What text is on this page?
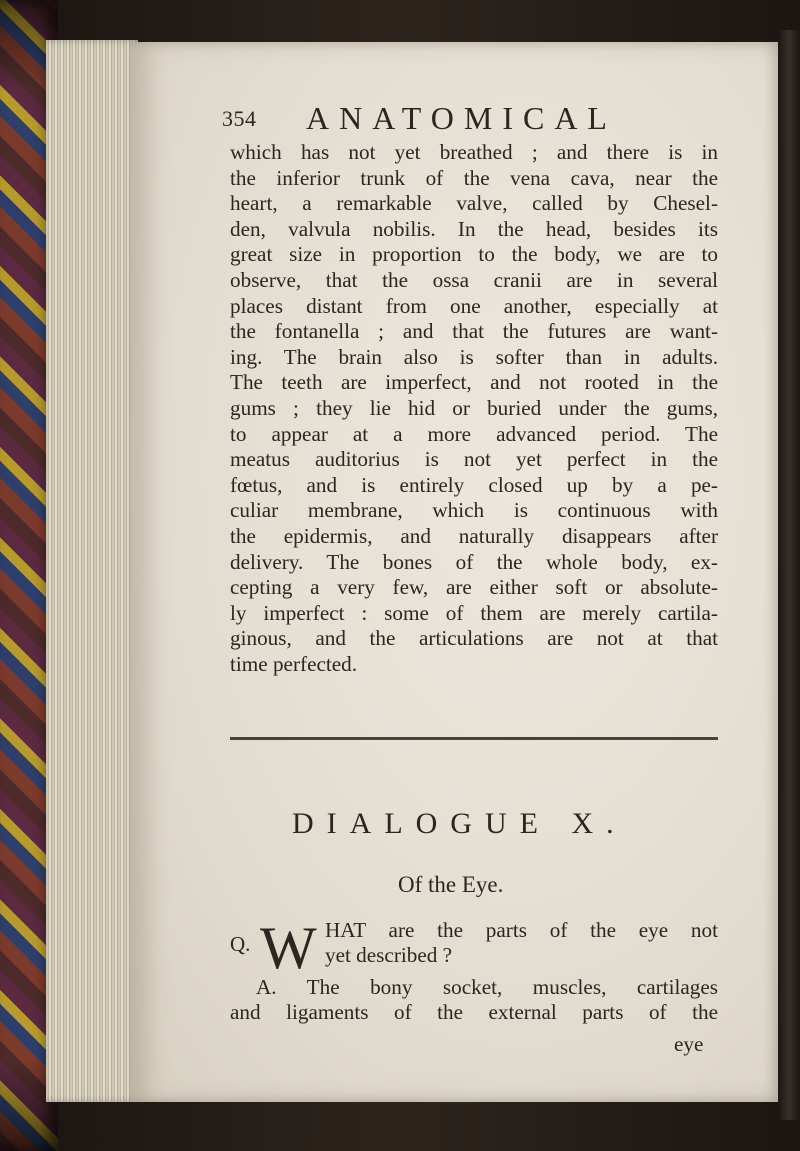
354 ANATOMICAL
which has not yet breathed ; and there is in
the inferior trunk of the vena cava, near the
heart, a remarkable valve, called by Chesel-
den, valvula nobilis. In the head, besides its
great size in proportion to the body, we are to
observe, that the ossa cranii are in several
places distant from one another, especially at
the fontanella ; and that the futures are want-
ing. The brain also is softer than in adults.
The teeth are imperfect, and not rooted in the
gums ; they lie hid or buried under the gums,
to appear at a more advanced period. The
meatus auditorius is not yet perfect in the
fœtus, and is entirely closed up by a pe-
culiar membrane, which is continuous with
the epidermis, and naturally disappears after
delivery. The bones of the whole body, ex-
cepting a very few, are either soft or absolute-
ly imperfect : some of them are merely cartila-
ginous, and the articulations are not at that
time perfected.
DIALOGUE X.
Of the Eye.
Q. W HAT are the parts of the eye not
yet described ?
A. The bony socket, muscles, cartilages
and ligaments of the external parts of the
eye
